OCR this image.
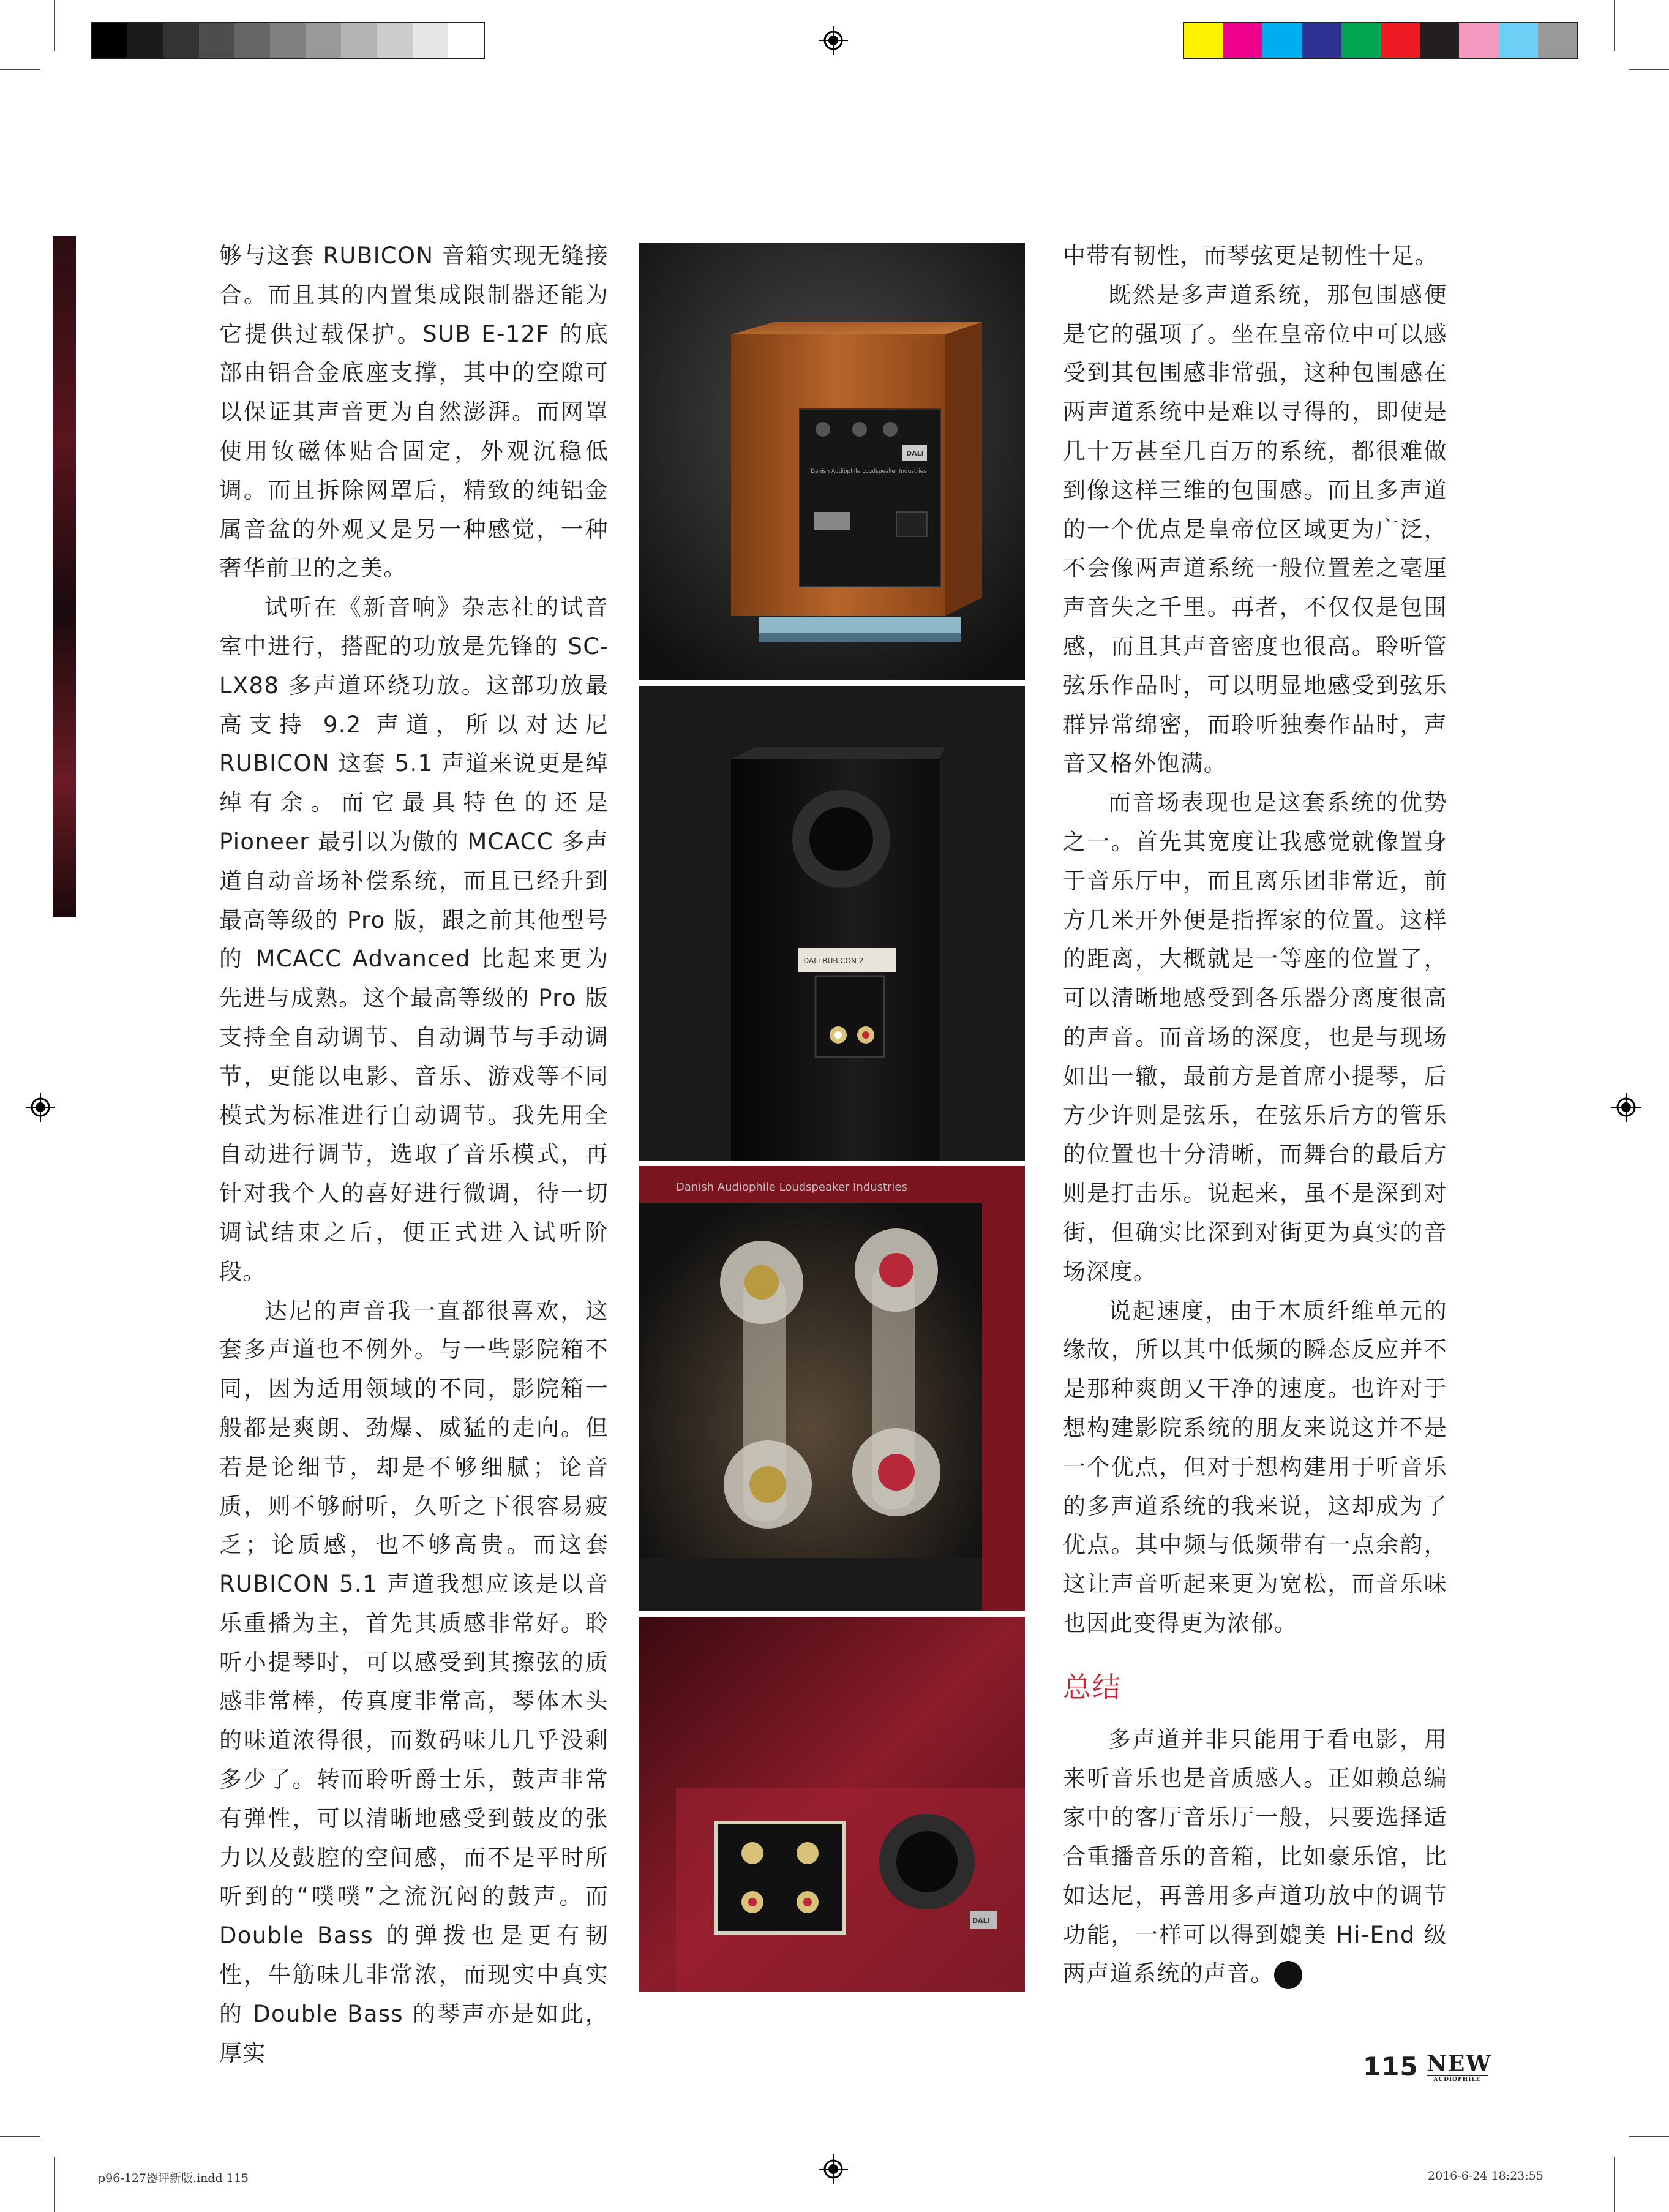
够与这套 RUBICON 音箱实现无缝接合。而且其的内置集成限制器还能为它提供过载保护。SUB E-12F 的底部由铝合金底座支撑，其中的空隙可以保证其声音更为自然澎湃。而网罩使用钕磁体贴合固定，外观沉稳低调。而且拆除网罩后，精致的纯铝金属音盆的外观又是另一种感觉，一种奢华前卫的之美。

试听在《新音响》杂志社的试音室中进行，搭配的功放是先锋的 SC-LX88 多声道环绕功放。这部功放最高支持 9.2 声道，所以对达尼 RUBICON 这套 5.1 声道来说更是绰绰有余。而它最具特色的还是 Pioneer 最引以为傲的 MCACC 多声道自动音场补偿系统，而且已经升到最高等级的 Pro 版，跟之前其他型号的 MCACC Advanced 比起来更为先进与成熟。这个最高等级的 Pro 版支持全自动调节、自动调节与手动调节，更能以电影、音乐、游戏等不同模式为标准进行自动调节。我先用全自动进行调节，选取了音乐模式，再针对我个人的喜好进行微调，待一切调试结束之后，便正式进入试听阶段。

达尼的声音我一直都很喜欢，这套多声道也不例外。与一些影院箱不同，因为适用领域的不同，影院箱一般都是爽朗、劲爆、威猛的走向。但若是论细节，却是不够细腻；论音质，则不够耐听，久听之下很容易疲乏；论质感，也不够高贵。而这套 RUBICON 5.1 声道我想应该是以音乐重播为主，首先其质感非常好。聆听小提琴时，可以感受到其擦弦的质感非常棒，传真度非常高，琴体木头的味道浓得很，而数码味儿几乎没剩多少了。转而聆听爵士乐，鼓声非常有弹性，可以清晰地感受到鼓皮的张力以及鼓腔的空间感，而不是平时所听到的“噗噗”之流沉闷的鼓声。而 Double Bass 的弹拨也是更有韧性，牛筋味儿非常浓，而现实中真实的 Double Bass 的琴声亦是如此，厚实

Danish Audiophile Loudspeaker Industries
DALI
DALI RUBICON 2
Danish Audiophile Loudspeaker Industries
DALI

中带有韧性，而琴弦更是韧性十足。

既然是多声道系统，那包围感便是它的强项了。坐在皇帝位中可以感受到其包围感非常强，这种包围感在两声道系统中是难以寻得的，即使是几十万甚至几百万的系统，都很难做到像这样三维的包围感。而且多声道的一个优点是皇帝位区域更为广泛，不会像两声道系统一般位置差之毫厘声音失之千里。再者，不仅仅是包围感，而且其声音密度也很高。聆听管弦乐作品时，可以明显地感受到弦乐群异常绵密，而聆听独奏作品时，声音又格外饱满。

而音场表现也是这套系统的优势之一。首先其宽度让我感觉就像置身于音乐厅中，而且离乐团非常近，前方几米开外便是指挥家的位置。这样的距离，大概就是一等座的位置了，可以清晰地感受到各乐器分离度很高的声音。而音场的深度，也是与现场如出一辙，最前方是首席小提琴，后方少许则是弦乐，在弦乐后方的管乐的位置也十分清晰，而舞台的最后方则是打击乐。说起来，虽不是深到对街，但确实比深到对街更为真实的音场深度。

说起速度，由于木质纤维单元的缘故，所以其中低频的瞬态反应并不是那种爽朗又干净的速度。也许对于想构建影院系统的朋友来说这并不是一个优点，但对于想构建用于听音乐的多声道系统的我来说，这却成为了优点。其中频与低频带有一点余韵，这让声音听起来更为宽松，而音乐味也因此变得更为浓郁。

总结

多声道并非只能用于看电影，用来听音乐也是音质感人。正如赖总编家中的客厅音乐厅一般，只要选择适合重播音乐的音箱，比如豪乐馆，比如达尼，再善用多声道功放中的调节功能，一样可以得到媲美 Hi-End 级两声道系统的声音。	N

115 NEW
AUDIOPHILE
p96-127器评新版.indd 115	2016-6-24 18:23:55
